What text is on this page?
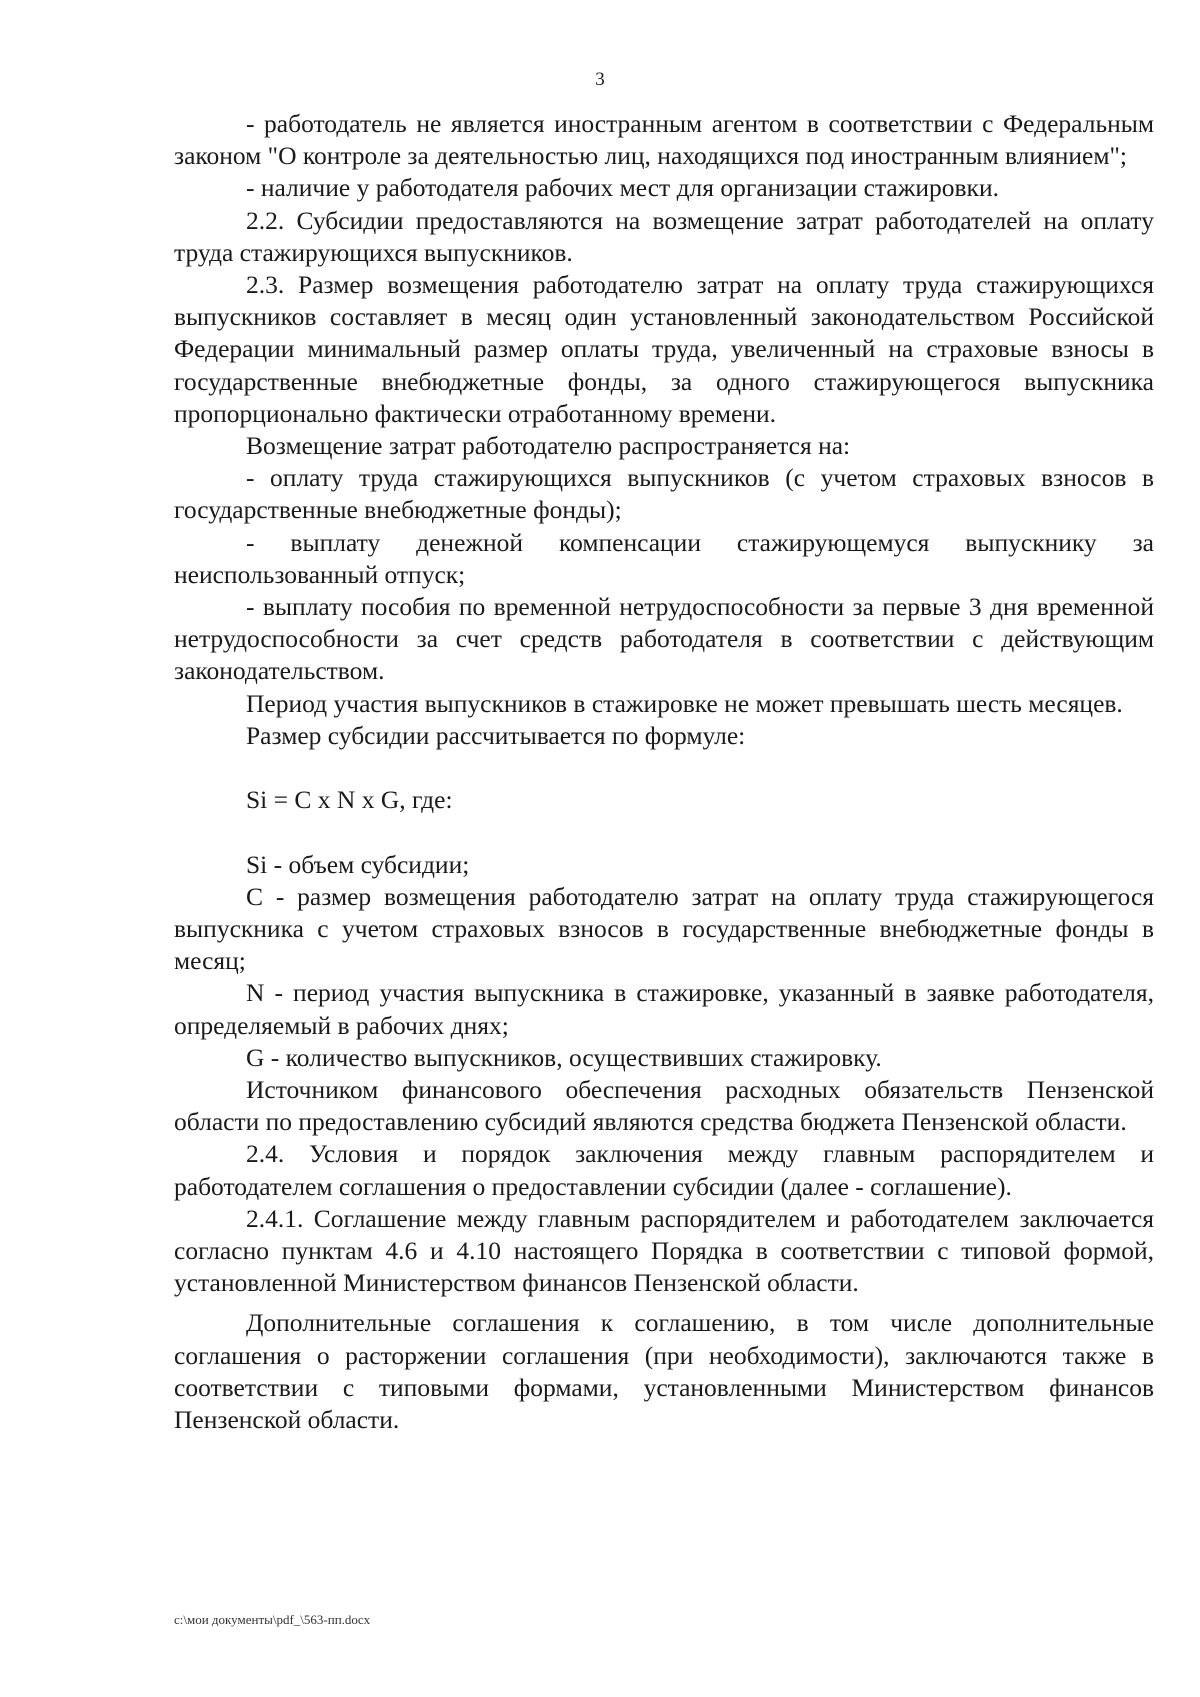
3

- работодатель не является иностранным агентом в соответствии с Федеральным законом "О контроле за деятельностью лиц, находящихся под иностранным влиянием";

- наличие у работодателя рабочих мест для организации стажировки.

2.2. Субсидии предоставляются на возмещение затрат работодателей на оплату труда стажирующихся выпускников.

2.3. Размер возмещения работодателю затрат на оплату труда стажирующихся выпускников составляет в месяц один установленный законодательством Российской Федерации минимальный размер оплаты труда, увеличенный на страховые взносы в государственные внебюджетные фонды, за одного стажирующегося выпускника пропорционально фактически отработанному времени.

Возмещение затрат работодателю распространяется на:

- оплату труда стажирующихся выпускников (с учетом страховых взносов в государственные внебюджетные фонды);

- выплату денежной компенсации стажирующемуся выпускнику за неиспользованный отпуск;

- выплату пособия по временной нетрудоспособности за первые 3 дня временной нетрудоспособности за счет средств работодателя в соответствии с действующим законодательством.

Период участия выпускников в стажировке не может превышать шесть месяцев.

Размер субсидии рассчитывается по формуле:

Si = C x N x G, где:

Si - объем субсидии;

C - размер возмещения работодателю затрат на оплату труда стажирующегося выпускника с учетом страховых взносов в государственные внебюджетные фонды в месяц;

N - период участия выпускника в стажировке, указанный в заявке работодателя, определяемый в рабочих днях;

G - количество выпускников, осуществивших стажировку.

Источником финансового обеспечения расходных обязательств Пензенской области по предоставлению субсидий являются средства бюджета Пензенской области.

2.4. Условия и порядок заключения между главным распорядителем и работодателем соглашения о предоставлении субсидии (далее - соглашение).

2.4.1. Соглашение между главным распорядителем и работодателем заключается согласно пунктам 4.6 и 4.10 настоящего Порядка в соответствии с типовой формой, установленной Министерством финансов Пензенской области.

Дополнительные соглашения к соглашению, в том числе дополнительные соглашения о расторжении соглашения (при необходимости), заключаются также в соответствии с типовыми формами, установленными Министерством финансов Пензенской области.

c:\мои документы\pdf_\563-пп.docx
